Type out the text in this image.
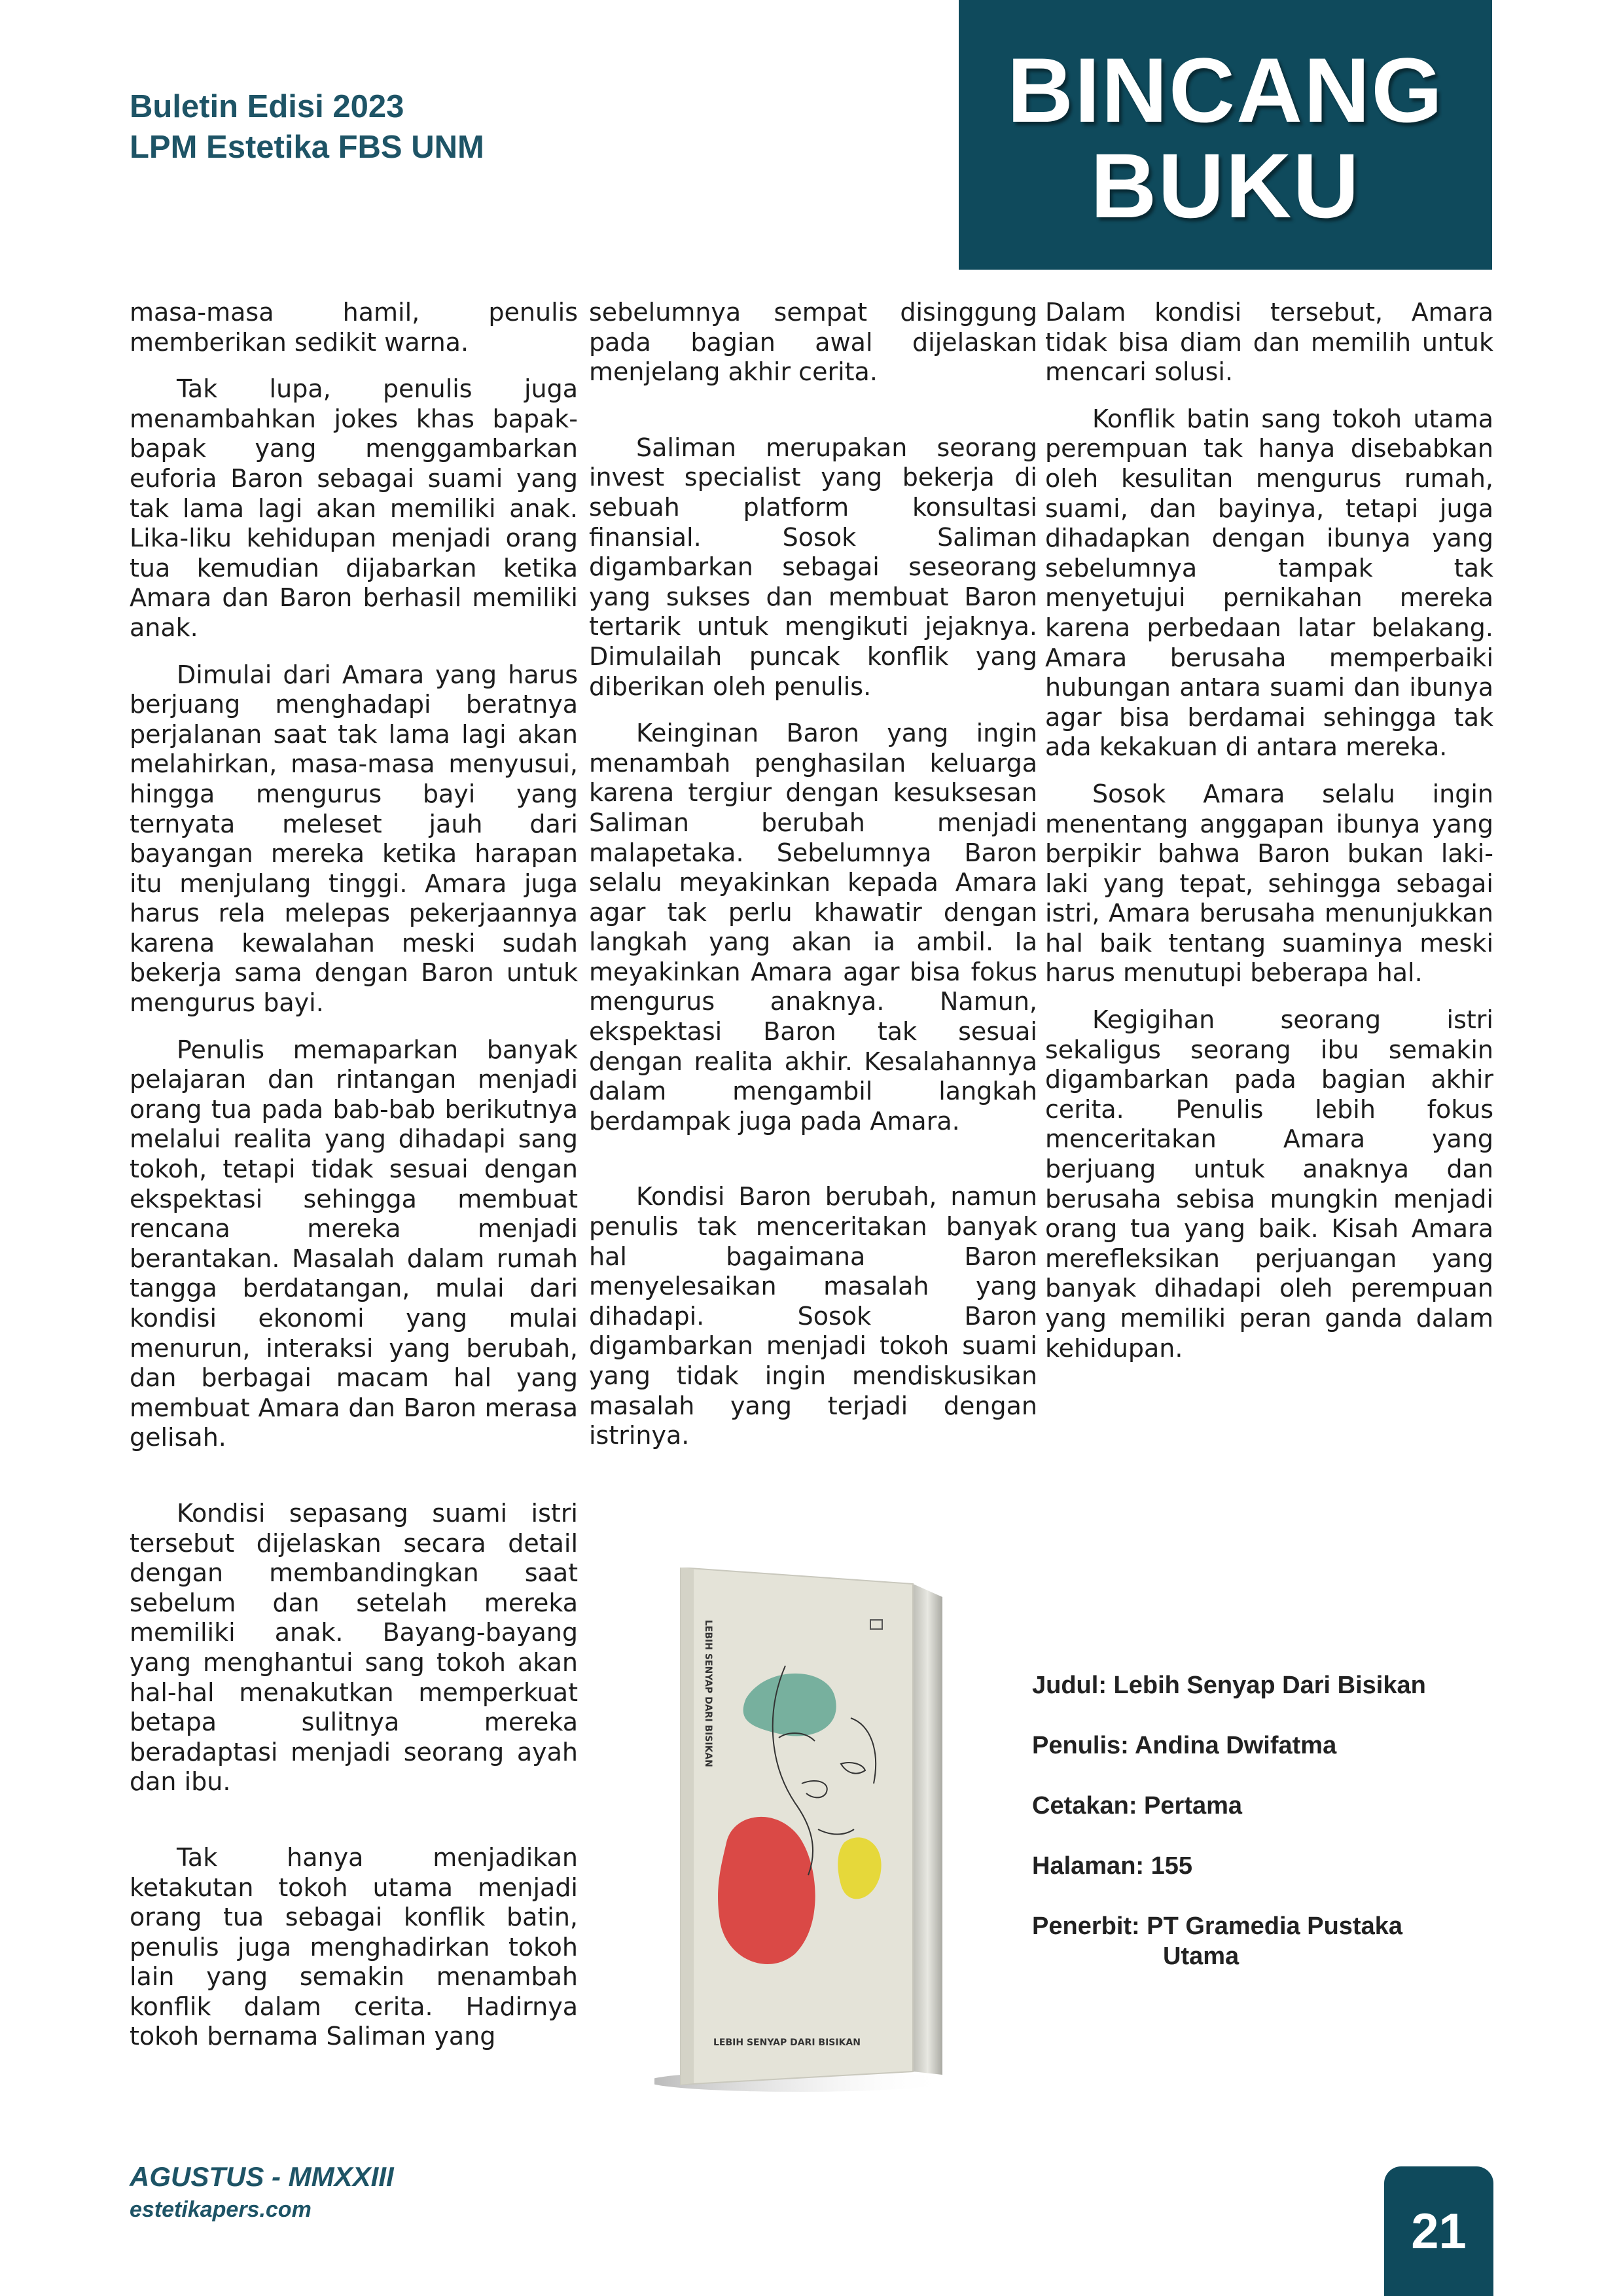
Buletin Edisi 2023
LPM Estetika FBS UNM
BINCANG
BUKU

masa-masa hamil, penulis memberikan sedikit warna.

Tak lupa, penulis juga menambahkan jokes khas bapak-bapak yang menggambarkan euforia Baron sebagai suami yang tak lama lagi akan memiliki anak. Lika-liku kehidupan menjadi orang tua kemudian dijabarkan ketika Amara dan Baron berhasil memiliki anak.

Dimulai dari Amara yang harus berjuang menghadapi beratnya perjalanan saat tak lama lagi akan melahirkan, masa-masa menyusui, hingga mengurus bayi yang ternyata meleset jauh dari bayangan mereka ketika harapan itu menjulang tinggi. Amara juga harus rela melepas pekerjaannya karena kewalahan meski sudah bekerja sama dengan Baron untuk mengurus bayi.

Penulis memaparkan banyak pelajaran dan rintangan menjadi orang tua pada bab-bab berikutnya melalui realita yang dihadapi sang tokoh, tetapi tidak sesuai dengan ekspektasi sehingga membuat rencana mereka menjadi berantakan. Masalah dalam rumah tangga berdatangan, mulai dari kondisi ekonomi yang mulai menurun, interaksi yang berubah, dan berbagai macam hal yang membuat Amara dan Baron merasa gelisah.

Kondisi sepasang suami istri tersebut dijelaskan secara detail dengan membandingkan saat sebelum dan setelah mereka memiliki anak. Bayang-bayang yang menghantui sang tokoh akan hal-hal menakutkan memperkuat betapa sulitnya mereka beradaptasi menjadi seorang ayah dan ibu.

Tak hanya menjadikan ketakutan tokoh utama menjadi orang tua sebagai konflik batin, penulis juga menghadirkan tokoh lain yang semakin menambah konflik dalam cerita. Hadirnya tokoh bernama Saliman yang

sebelumnya sempat disinggung pada bagian awal dijelaskan menjelang akhir cerita.

Saliman merupakan seorang invest specialist yang bekerja di sebuah platform konsultasi finansial. Sosok Saliman digambarkan sebagai seseorang yang sukses dan membuat Baron tertarik untuk mengikuti jejaknya. Dimulailah puncak konflik yang diberikan oleh penulis.

Keinginan Baron yang ingin menambah penghasilan keluarga karena tergiur dengan kesuksesan Saliman berubah menjadi malapetaka. Sebelumnya Baron selalu meyakinkan kepada Amara agar tak perlu khawatir dengan langkah yang akan ia ambil. Ia meyakinkan Amara agar bisa fokus mengurus anaknya. Namun, ekspektasi Baron tak sesuai dengan realita akhir. Kesalahannya dalam mengambil langkah berdampak juga pada Amara.

Kondisi Baron berubah, namun penulis tak menceritakan banyak hal bagaimana Baron menyelesaikan masalah yang dihadapi. Sosok Baron digambarkan menjadi tokoh suami yang tidak ingin mendiskusikan masalah yang terjadi dengan istrinya.

Dalam kondisi tersebut, Amara tidak bisa diam dan memilih untuk mencari solusi.

Konflik batin sang tokoh utama perempuan tak hanya disebabkan oleh kesulitan mengurus rumah, suami, dan bayinya, tetapi juga dihadapkan dengan ibunya yang sebelumnya tampak tak menyetujui pernikahan mereka karena perbedaan latar belakang. Amara berusaha memperbaiki hubungan antara suami dan ibunya agar bisa berdamai sehingga tak ada kekakuan di antara mereka.

Sosok Amara selalu ingin menentang anggapan ibunya yang berpikir bahwa Baron bukan laki-laki yang tepat, sehingga sebagai istri, Amara berusaha menunjukkan hal baik tentang suaminya meski harus menutupi beberapa hal.

Kegigihan seorang istri sekaligus seorang ibu semakin digambarkan pada bagian akhir cerita. Penulis lebih fokus menceritakan Amara yang berjuang untuk anaknya dan berusaha sebisa mungkin menjadi orang tua yang baik. Kisah Amara merefleksikan perjuangan yang banyak dihadapi oleh perempuan yang memiliki peran ganda dalam kehidupan.

LEBIH SENYAP DARI BISIKAN
LEBIH SENYAP DARI BISIKAN
Judul: Lebih Senyap Dari Bisikan
Penulis: Andina Dwifatma
Cetakan: Pertama
Halaman: 155
Penerbit: PT Gramedia Pustaka
Utama
AGUSTUS - MMXXIII
estetikapers.com	21
